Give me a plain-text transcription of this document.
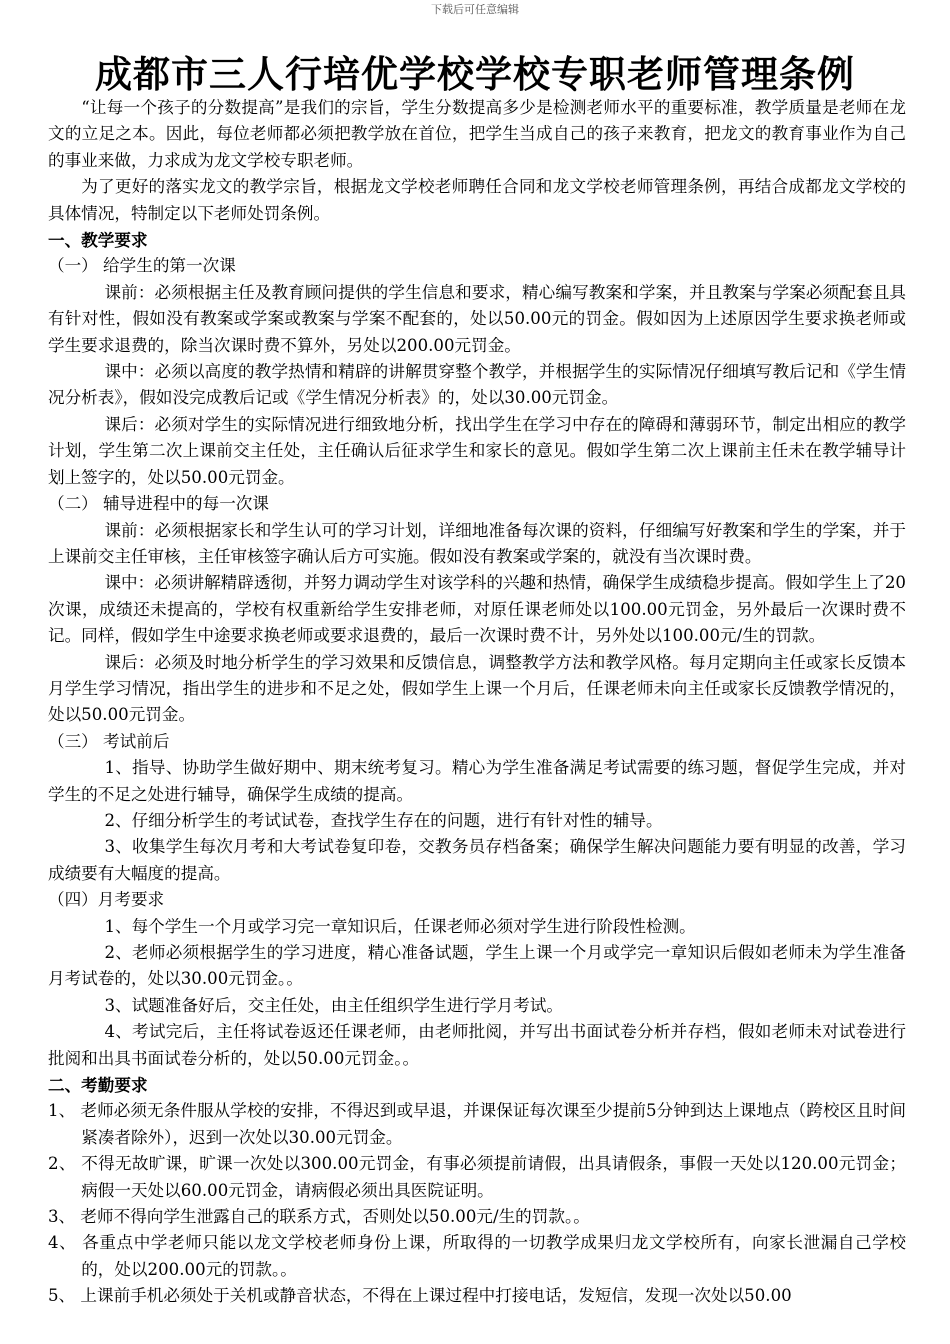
下载后可任意编辑
成都市三人行培优学校学校专职老师管理条例

“让每一个孩子的分数提高”是我们的宗旨，学生分数提高多少是检测老师水平的重要标准，教学质量是老师在龙文的立足之本。因此，每位老师都必须把教学放在首位，把学生当成自己的孩子来教育，把龙文的教育事业作为自己的事业来做，力求成为龙文学校专职老师。

为了更好的落实龙文的教学宗旨，根据龙文学校老师聘任合同和龙文学校老师管理条例，再结合成都龙文学校的具体情况，特制定以下老师处罚条例。

一、教学要求

（一） 给学生的第一次课

课前：必须根据主任及教育顾问提供的学生信息和要求，精心编写教案和学案，并且教案与学案必须配套且具有针对性，假如没有教案或学案或教案与学案不配套的，处以50.00元的罚金。假如因为上述原因学生要求换老师或学生要求退费的，除当次课时费不算外，另处以200.00元罚金。

课中：必须以高度的教学热情和精辟的讲解贯穿整个教学，并根据学生的实际情况仔细填写教后记和《学生情况分析表》，假如没完成教后记或《学生情况分析表》的，处以30.00元罚金。

课后：必须对学生的实际情况进行细致地分析，找出学生在学习中存在的障碍和薄弱环节，制定出相应的教学计划，学生第二次上课前交主任处，主任确认后征求学生和家长的意见。假如学生第二次上课前主任未在教学辅导计划上签字的，处以50.00元罚金。

（二） 辅导进程中的每一次课

课前：必须根据家长和学生认可的学习计划，详细地准备每次课的资料，仔细编写好教案和学生的学案，并于上课前交主任审核，主任审核签字确认后方可实施。假如没有教案或学案的，就没有当次课时费。

课中：必须讲解精辟透彻，并努力调动学生对该学科的兴趣和热情，确保学生成绩稳步提高。假如学生上了20次课，成绩还未提高的，学校有权重新给学生安排老师，对原任课老师处以100.00元罚金，另外最后一次课时费不记。同样，假如学生中途要求换老师或要求退费的，最后一次课时费不计，另外处以100.00元/生的罚款。

课后：必须及时地分析学生的学习效果和反馈信息，调整教学方法和教学风格。每月定期向主任或家长反馈本月学生学习情况，指出学生的进步和不足之处，假如学生上课一个月后，任课老师未向主任或家长反馈教学情况的，处以50.00元罚金。

（三） 考试前后

1、指导、协助学生做好期中、期末统考复习。精心为学生准备满足考试需要的练习题，督促学生完成，并对学生的不足之处进行辅导，确保学生成绩的提高。

2、仔细分析学生的考试试卷，查找学生存在的问题，进行有针对性的辅导。

3、收集学生每次月考和大考试卷复印卷，交教务员存档备案；确保学生解决问题能力要有明显的改善，学习成绩要有大幅度的提高。

（四）月考要求

1、每个学生一个月或学习完一章知识后，任课老师必须对学生进行阶段性检测。

2、老师必须根据学生的学习进度，精心准备试题，学生上课一个月或学完一章知识后假如老师未为学生准备月考试卷的，处以30.00元罚金。。

3、试题准备好后，交主任处，由主任组织学生进行学月考试。

4、考试完后，主任将试卷返还任课老师，由老师批阅，并写出书面试卷分析并存档，假如老师未对试卷进行批阅和出具书面试卷分析的，处以50.00元罚金。。

二、考勤要求

1、 老师必须无条件服从学校的安排，不得迟到或早退，并课保证每次课至少提前5分钟到达上课地点（跨校区且时间紧凑者除外），迟到一次处以30.00元罚金。

2、 不得无故旷课，旷课一次处以300.00元罚金，有事必须提前请假，出具请假条，事假一天处以120.00元罚金；病假一天处以60.00元罚金，请病假必须出具医院证明。

3、 老师不得向学生泄露自己的联系方式，否则处以50.00元/生的罚款。。

4、 各重点中学老师只能以龙文学校老师身份上课，所取得的一切教学成果归龙文学校所有，向家长泄漏自己学校的，处以200.00元的罚款。。

5、 上课前手机必须处于关机或静音状态，不得在上课过程中打接电话，发短信，发现一次处以50.00
